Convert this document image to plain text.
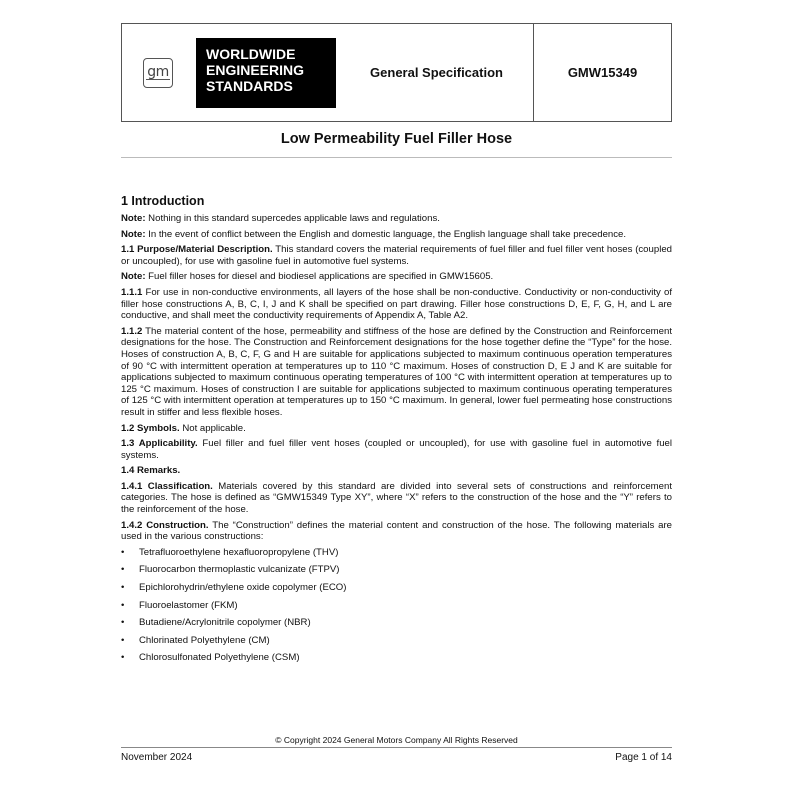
gm
WORLDWIDE
ENGINEERING
STANDARDS
General Specification	GMW15349
Low Permeability Fuel Filler Hose
1 Introduction

Note: Nothing in this standard supercedes applicable laws and regulations.

Note: In the event of conflict between the English and domestic language, the English language shall take precedence.

1.1 Purpose/Material Description. This standard covers the material requirements of fuel filler and fuel filler vent hoses (coupled or uncoupled), for use with gasoline fuel in automotive fuel systems.

Note: Fuel filler hoses for diesel and biodiesel applications are specified in GMW15605.

1.1.1 For use in non-conductive environments, all layers of the hose shall be non-conductive. Conductivity or non-conductivity of filler hose constructions A, B, C, I, J and K shall be specified on part drawing. Filler hose constructions D, E, F, G, H, and L are conductive, and shall meet the conductivity requirements of Appendix A, Table A2.

1.1.2 The material content of the hose, permeability and stiffness of the hose are defined by the Construction and Reinforcement designations for the hose. The Construction and Reinforcement designations for the hose together define the “Type” for the hose. Hoses of construction A, B, C, F, G and H are suitable for applications subjected to maximum continuous operation temperatures of 90 °C with intermittent operation at temperatures up to 110 °C maximum. Hoses of construction D, E J and K are suitable for applications subjected to maximum continuous operating temperatures of 100 °C with intermittent operation at temperatures up to 125 °C maximum. Hoses of construction I are suitable for applications subjected to maximum continuous operating temperatures of 125 °C with intermittent operation at temperatures up to 150 °C maximum. In general, lower fuel permeating hose constructions result in stiffer and less flexible hoses.

1.2 Symbols. Not applicable.

1.3 Applicability. Fuel filler and fuel filler vent hoses (coupled or uncoupled), for use with gasoline fuel in automotive fuel systems.

1.4 Remarks.

1.4.1 Classification. Materials covered by this standard are divided into several sets of constructions and reinforcement categories. The hose is defined as “GMW15349 Type XY”, where “X” refers to the construction of the hose and the “Y” refers to the reinforcement of the hose.

1.4.2 Construction. The “Construction” defines the material content and construction of the hose. The following materials are used in the various constructions:

• Tetrafluoroethylene hexafluoropropylene (THV)
• Fluorocarbon thermoplastic vulcanizate (FTPV)
• Epichlorohydrin/ethylene oxide copolymer (ECO)
• Fluoroelastomer (FKM)
• Butadiene/Acrylonitrile copolymer (NBR)
• Chlorinated Polyethylene (CM)
• Chlorosulfonated Polyethylene (CSM)
© Copyright 2024 General Motors Company All Rights Reserved
November 2024	Page 1 of 14
